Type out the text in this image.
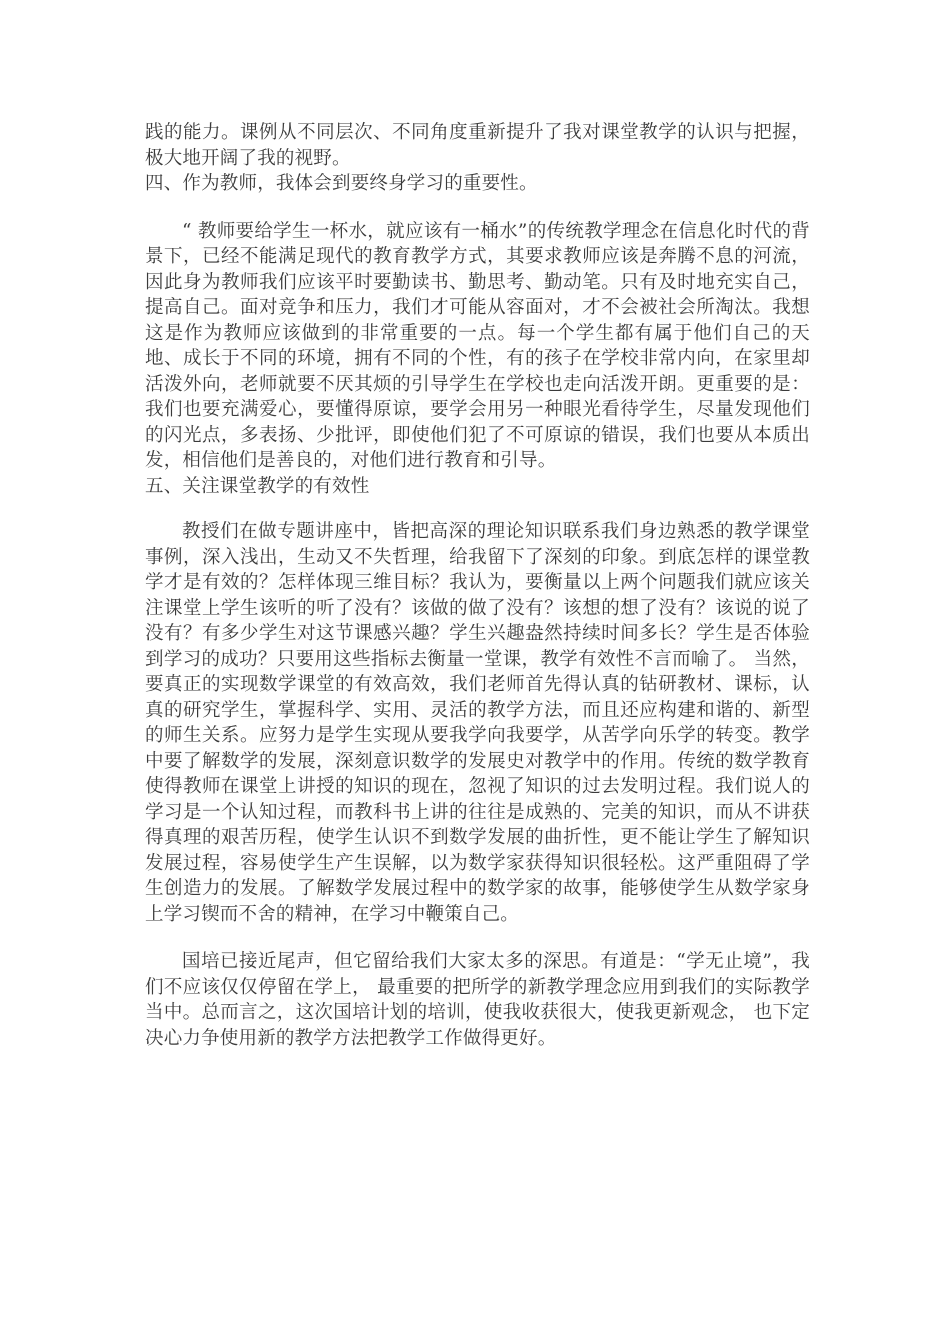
践的能力。课例从不同层次、不同角度重新提升了我对课堂教学的认识与把握，极大地开阔了我的视野。

四、作为教师，我体会到要终身学习的重要性。

“ 教师要给学生一杯水，就应该有一桶水”的传统教学理念在信息化时代的背景下，已经不能满足现代的教育教学方式，其要求教师应该是奔腾不息的河流，因此身为教师我们应该平时要勤读书、勤思考、勤动笔。只有及时地充实自己，提高自己。面对竞争和压力，我们才可能从容面对，才不会被社会所淘汰。我想这是作为教师应该做到的非常重要的一点。每一个学生都有属于他们自己的天地、成长于不同的环境，拥有不同的个性，有的孩子在学校非常内向，在家里却活泼外向，老师就要不厌其烦的引导学生在学校也走向活泼开朗。更重要的是：我们也要充满爱心，要懂得原谅，要学会用另一种眼光看待学生，尽量发现他们的闪光点，多表扬、少批评，即使他们犯了不可原谅的错误，我们也要从本质出发，相信他们是善良的，对他们进行教育和引导。

五、关注课堂教学的有效性

教授们在做专题讲座中，皆把高深的理论知识联系我们身边熟悉的教学课堂事例，深入浅出，生动又不失哲理，给我留下了深刻的印象。到底怎样的课堂教学才是有效的？怎样体现三维目标？我认为，要衡量以上两个问题我们就应该关注课堂上学生该听的听了没有？该做的做了没有？该想的想了没有？该说的说了没有？有多少学生对这节课感兴趣？学生兴趣盎然持续时间多长？学生是否体验到学习的成功？只要用这些指标去衡量一堂课，教学有效性不言而喻了。 当然，要真正的实现数学课堂的有效高效，我们老师首先得认真的钻研教材、课标，认真的研究学生，掌握科学、实用、灵活的教学方法，而且还应构建和谐的、新型的师生关系。应努力是学生实现从要我学向我要学，从苦学向乐学的转变。教学中要了解数学的发展，深刻意识数学的发展史对教学中的作用。传统的数学教育使得教师在课堂上讲授的知识的现在，忽视了知识的过去发明过程。我们说人的学习是一个认知过程，而教科书上讲的往往是成熟的、完美的知识，而从不讲获得真理的艰苦历程，使学生认识不到数学发展的曲折性，更不能让学生了解知识发展过程，容易使学生产生误解，以为数学家获得知识很轻松。这严重阻碍了学生创造力的发展。了解数学发展过程中的数学家的故事，能够使学生从数学家身上学习锲而不舍的精神，在学习中鞭策自己。

国培已接近尾声，但它留给我们大家太多的深思。有道是：“学无止境”，我们不应该仅仅停留在学上， 最重要的把所学的新教学理念应用到我们的实际教学当中。总而言之，这次国培计划的培训，使我收获很大，使我更新观念， 也下定决心力争使用新的教学方法把教学工作做得更好。
